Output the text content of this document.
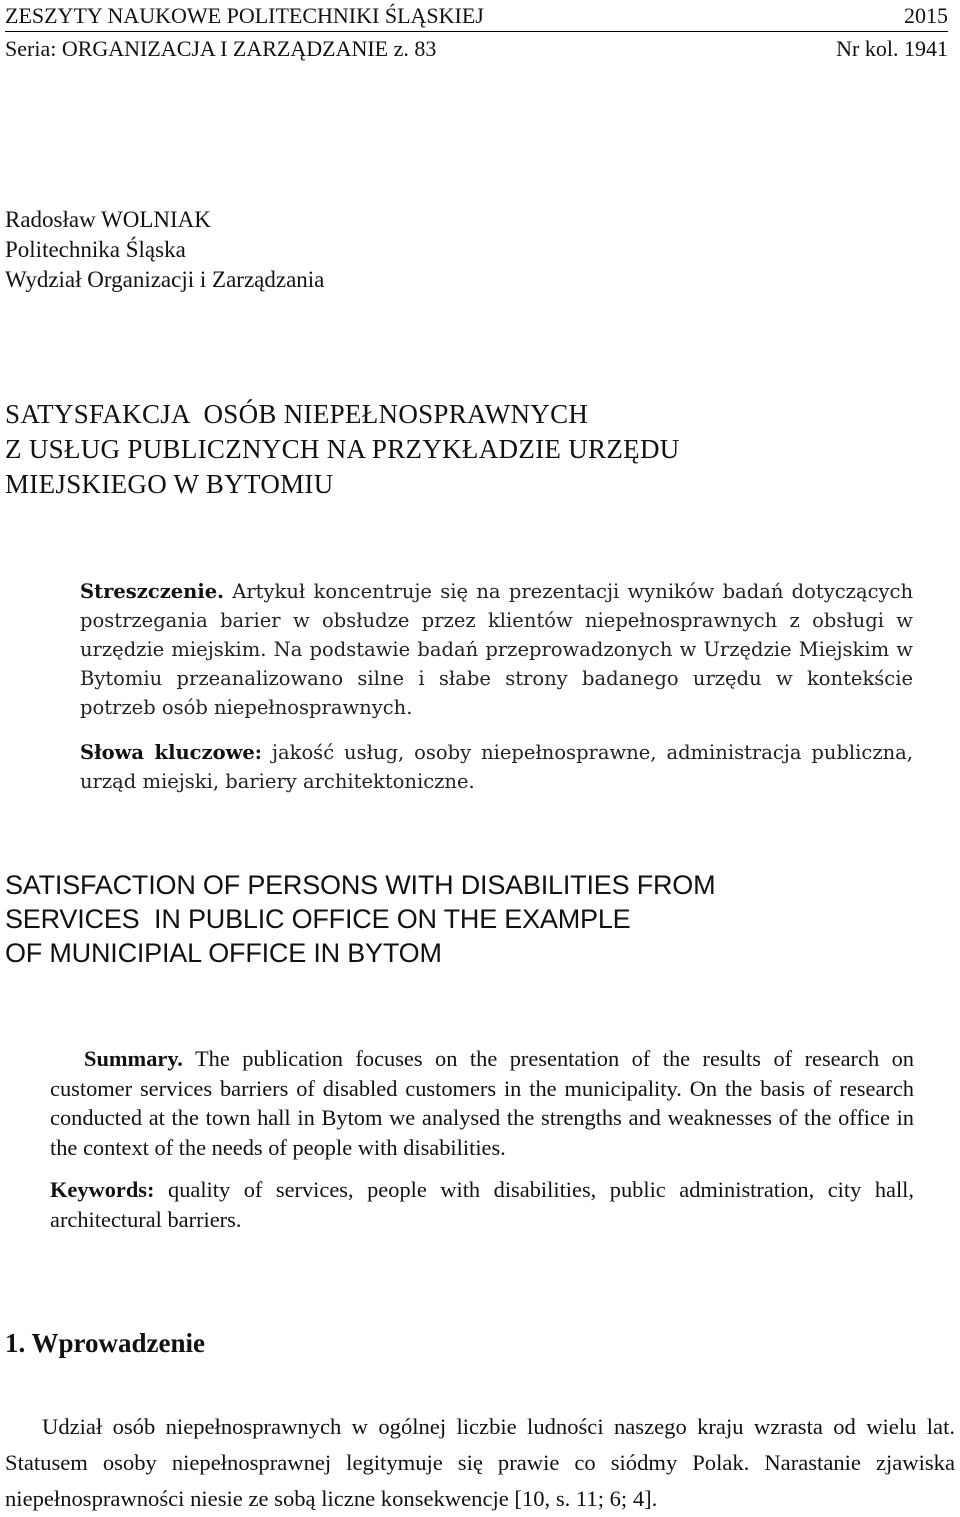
ZESZYTY NAUKOWE POLITECHNIKI ŚLĄSKIEJ	2015
Seria: ORGANIZACJA I ZARZĄDZANIE z. 83	Nr kol. 1941
Radosław WOLNIAK
Politechnika Śląska
Wydział Organizacji i Zarządzania
SATYSFAKCJA  OSÓB NIEPEŁNOSPRAWNYCH
Z USŁUG PUBLICZNYCH NA PRZYKŁADZIE URZĘDU
MIEJSKIEGO W BYTOMIU
Streszczenie. Artykuł koncentruje się na prezentacji wyników badań dotyczących postrzegania barier w obsłudze przez klientów niepełnosprawnych z obsługi w urzędzie miejskim. Na podstawie badań przeprowadzonych w Urzędzie Miejskim w Bytomiu przeanalizowano silne i słabe strony badanego urzędu w kontekście potrzeb osób niepełnosprawnych.
Słowa kluczowe: jakość usług, osoby niepełnosprawne, administracja publiczna, urząd miejski, bariery architektoniczne.
SATISFACTION OF PERSONS WITH DISABILITIES FROM
SERVICES  IN PUBLIC OFFICE ON THE EXAMPLE
OF MUNICIPIAL OFFICE IN BYTOM
Summary. The publication focuses on the presentation of the results of research on customer services barriers of disabled customers in the municipality. On the basis of research conducted at the town hall in Bytom we analysed the strengths and weaknesses of the office in the context of the needs of people with disabilities.
Keywords: quality of services, people with disabilities, public administration, city hall, architectural barriers.
1. Wprowadzenie
Udział osób niepełnosprawnych w ogólnej liczbie ludności naszego kraju wzrasta od wielu lat. Statusem osoby niepełnosprawnej legitymuje się prawie co siódmy Polak. Narastanie zjawiska niepełnosprawności niesie ze sobą liczne konsekwencje [10, s. 11; 6; 4].
